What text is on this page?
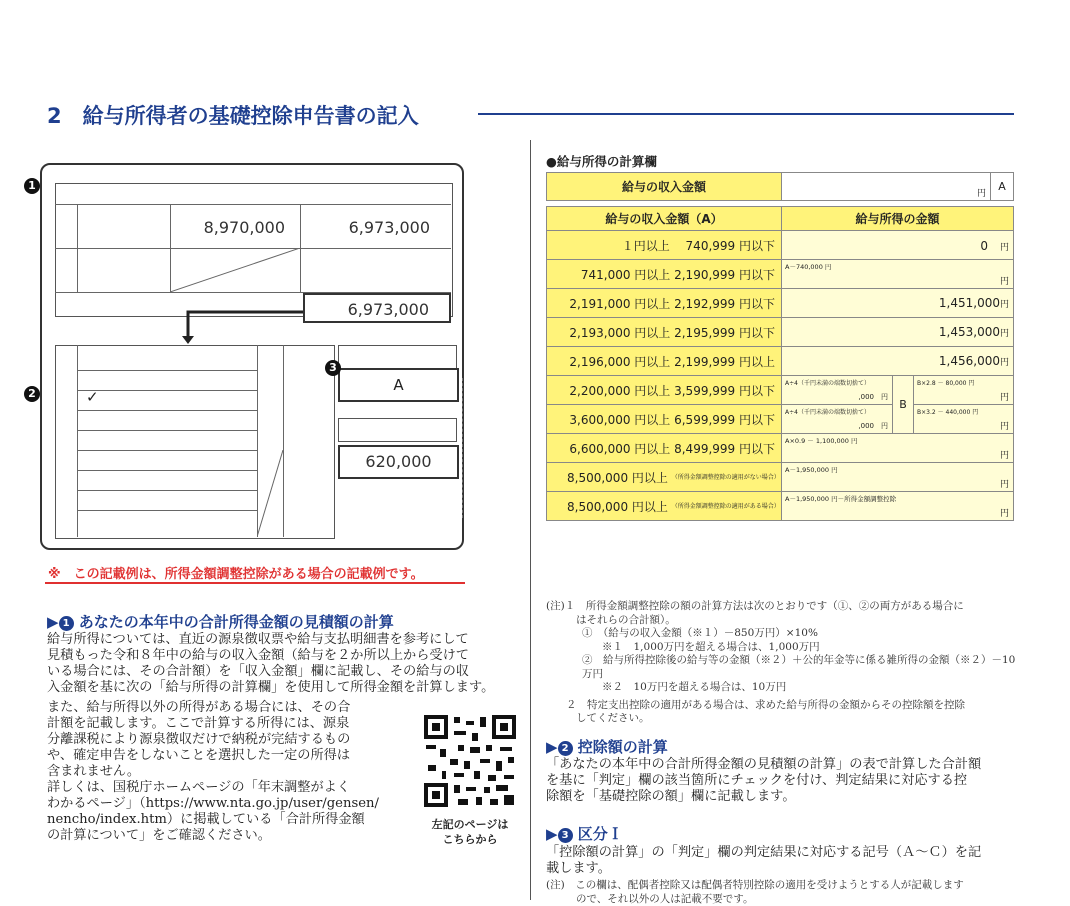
2　 給与所得者の基礎控除申告書の記入
1
8,970,000	6,973,000
6,973,000
2	✓
A
3
620,000
※　この記載例は、所得金額調整控除がある場合の記載例です。
▶ 1 あなたの本年中の合計所得金額の見積額の計算
給与所得については、直近の源泉徴収票や給与支払明細書を参考にして
見積もった令和８年中の給与の収入金額（給与を２か所以上から受けて
いる場合には、その合計額）を「収入金額」欄に記載し、その給与の収
入金額を基に次の「給与所得の計算欄」を使用して所得金額を計算します。
また、給与所得以外の所得がある場合には、その合
計額を記載します。ここで計算する所得には、源泉
分離課税により源泉徴収だけで納税が完結するもの
や、確定申告をしないことを選択した一定の所得は
含まれません。
詳しくは、国税庁ホームページの「年末調整がよく
わかるページ」（https://www.nta.go.jp/user/gensen/
nencho/index.htm）に掲載している「合計所得金額
の計算について」をご確認ください。
左記のページは
こちらから
●給与所得の計算欄
給与の収入金額	円	A
給与の収入金額（A）	給与所得の金額		
１円以上　 740,999 円以下	0　 円		
741,000 円以上 2,190,999 円以下	A－740,000 円
円		

2,191,000 円以上 2,192,999 円以下	1,451,000円		
2,193,000 円以上 2,195,999 円以下	1,453,000円		
2,196,000 円以上 2,199,999 円以上	1,456,000円		
2,200,000 円以上 3,599,999 円以下	A÷4（千円未満の端数切捨て）
,000　円	B	B×2.8 － 80,000 円
円

3,600,000 円以上 6,599,999 円以下	A÷4（千円未満の端数切捨て）
,000　円		B×3.2 － 440,000 円
円

6,600,000 円以上 8,499,999 円以下	A×0.9 － 1,100,000 円
円		

8,500,000 円以上 （所得金額調整控除の適用がない場合）	A－1,950,000 円
円		

8,500,000 円以上 （所得金額調整控除の適用がある場合）	A－1,950,000 円－所得金額調整控除
円		
(注)１　所得金額調整控除の額の計算方法は次のとおりです（①、②の両方がある場合に
はそれらの合計額）。
①　（給与の収入金額（※１）－850万円）×10%
※１　1,000万円を超える場合は、1,000万円
②　給与所得控除後の給与等の金額（※２）＋公的年金等に係る雑所得の金額（※２）－10万円
※２　10万円を超える場合は、10万円
２　特定支出控除の適用がある場合は、求めた給与所得の金額からその控除額を控除
してください。
▶ 2 控除額の計算
「あなたの本年中の合計所得金額の見積額の計算」の表で計算した合計額
を基に「判定」欄の該当箇所にチェックを付け、判定結果に対応する控
除額を「基礎控除の額」欄に記載します。
▶ 3 区分Ｉ
「控除額の計算」の「判定」欄の判定結果に対応する記号（Ａ～Ｃ）を記
載します。
(注)　この欄は、配偶者控除又は配偶者特別控除の適用を受けようとする人が記載します
ので、それ以外の人は記載不要です。
